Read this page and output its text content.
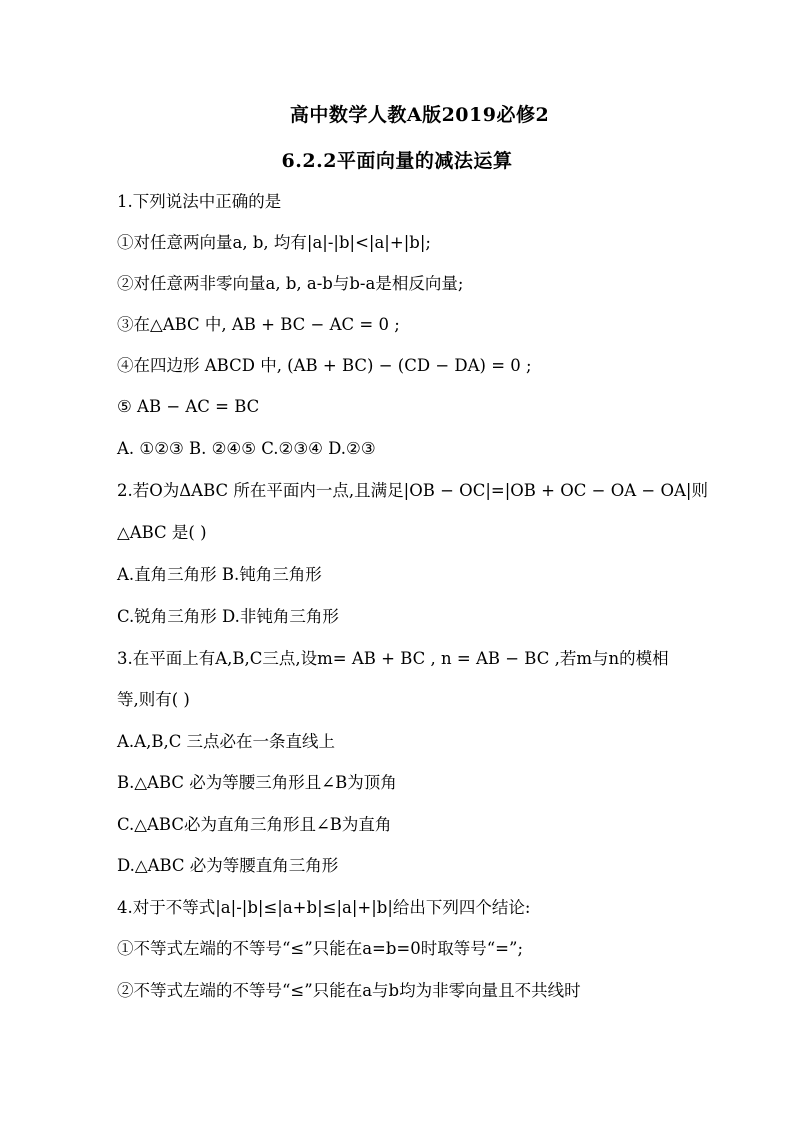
高中数学人教A版2019必修2
6.2.2平面向量的减法运算
1.下列说法中正确的是
①对任意两向量a, b, 均有|a|-|b|<|a|+|b|;
②对任意两非零向量a, b, a-b与b-a是相反向量;
③在△ABC 中, AB + BC − AC = 0 ;
④在四边形 ABCD 中, (AB + BC) − (CD − DA) = 0 ;
⑤ AB − AC = BC
A. ①②③ B. ②④⑤ C.②③④ D.②③
2.若O为ΔABC 所在平面内一点,且满足|OB − OC|=|OB + OC − OA − OA|则
△ABC 是( )
A.直角三角形 B.钝角三角形
C.锐角三角形 D.非钝角三角形
3.在平面上有A,B,C三点,设m= AB + BC , n = AB − BC ,若m与n的模相
等,则有( )
A.A,B,C 三点必在一条直线上
B.△ABC 必为等腰三角形且∠B为顶角
C.△ABC必为直角三角形且∠B为直角
D.△ABC 必为等腰直角三角形
4.对于不等式|a|-|b|≤|a+b|≤|a|+|b|给出下列四个结论:
①不等式左端的不等号“≤”只能在a=b=0时取等号“=”;
②不等式左端的不等号“≤”只能在a与b均为非零向量且不共线时
